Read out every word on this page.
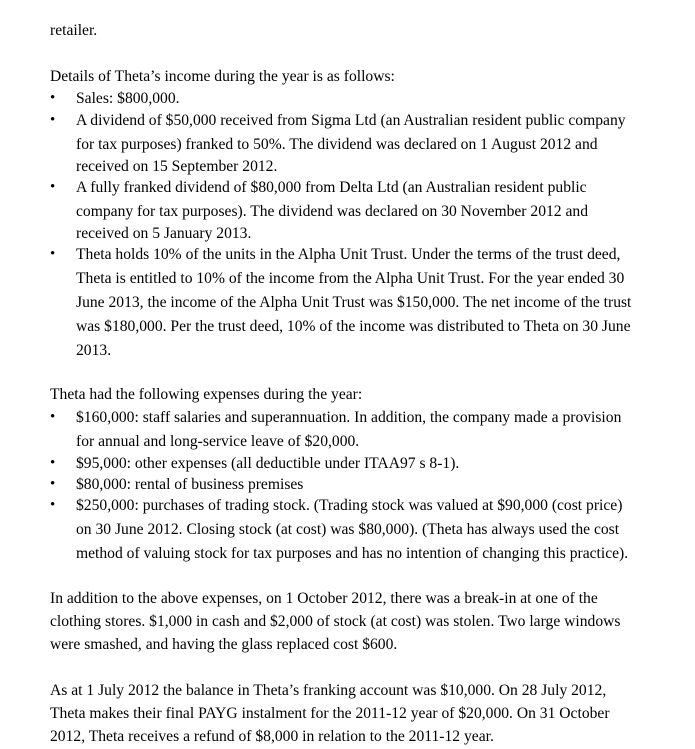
retailer.
Details of Theta’s income during the year is as follows:
• Sales: $800,000.
• A dividend of $50,000 received from Sigma Ltd (an Australian resident public company
for tax purposes) franked to 50%. The dividend was declared on 1 August 2012 and
received on 15 September 2012.
• A fully franked dividend of $80,000 from Delta Ltd (an Australian resident public
company for tax purposes). The dividend was declared on 30 November 2012 and
received on 5 January 2013.
• Theta holds 10% of the units in the Alpha Unit Trust. Under the terms of the trust deed,
Theta is entitled to 10% of the income from the Alpha Unit Trust. For the year ended 30
June 2013, the income of the Alpha Unit Trust was $150,000. The net income of the trust
was $180,000. Per the trust deed, 10% of the income was distributed to Theta on 30 June
2013.
Theta had the following expenses during the year:
• $160,000: staff salaries and superannuation. In addition, the company made a provision
for annual and long-service leave of $20,000.
• $95,000: other expenses (all deductible under ITAA97 s 8-1).
• $80,000: rental of business premises
• $250,000: purchases of trading stock. (Trading stock was valued at $90,000 (cost price)
on 30 June 2012. Closing stock (at cost) was $80,000). (Theta has always used the cost
method of valuing stock for tax purposes and has no intention of changing this practice).
In addition to the above expenses, on 1 October 2012, there was a break-in at one of the
clothing stores. $1,000 in cash and $2,000 of stock (at cost) was stolen. Two large windows
were smashed, and having the glass replaced cost $600.
As at 1 July 2012 the balance in Theta’s franking account was $10,000. On 28 July 2012,
Theta makes their final PAYG instalment for the 2011-12 year of $20,000. On 31 October
2012, Theta receives a refund of $8,000 in relation to the 2011-12 year.
